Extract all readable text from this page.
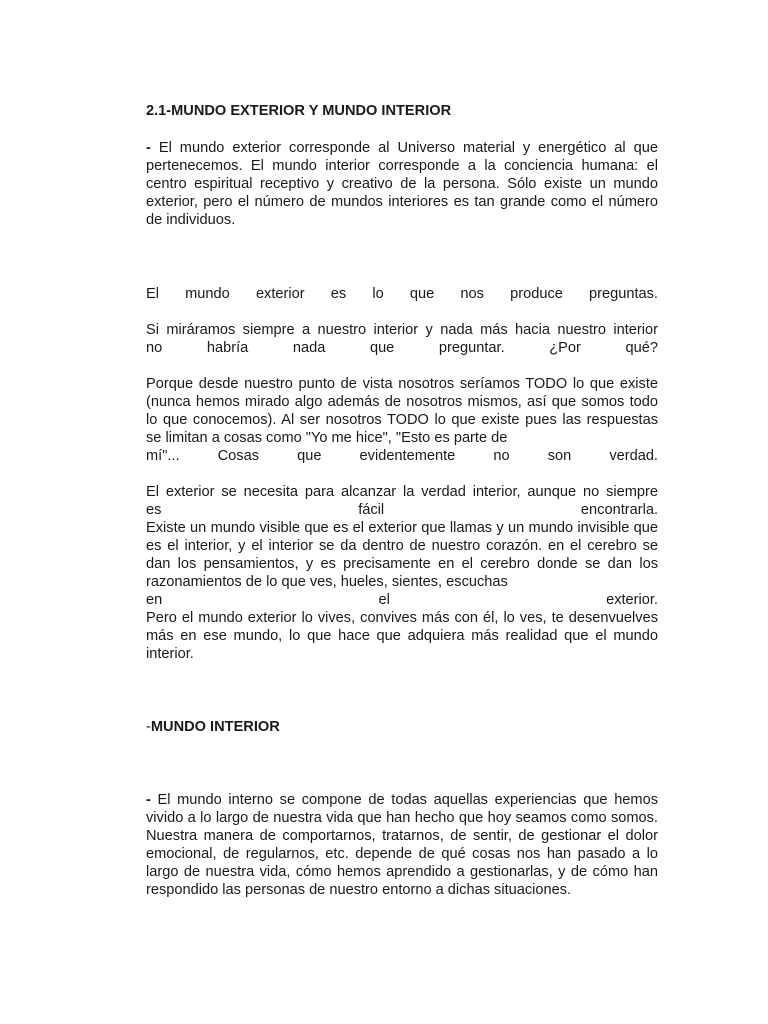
2.1-MUNDO EXTERIOR Y MUNDO INTERIOR
- El mundo exterior corresponde al Universo material y energético al que pertenecemos. El mundo interior corresponde a la conciencia humana: el centro espiritual receptivo y creativo de la persona. Sólo existe un mundo exterior, pero el número de mundos interiores es tan grande como el número de individuos.
El mundo exterior es lo que nos produce preguntas.
Si miráramos siempre a nuestro interior y nada más hacia nuestro interior
no habría nada que preguntar. ¿Por qué?
Porque desde nuestro punto de vista nosotros seríamos TODO lo que existe (nunca hemos mirado algo además de nosotros mismos, así que somos todo lo que conocemos). Al ser nosotros TODO lo que existe pues las respuestas se limitan a cosas como "Yo me hice", "Esto es parte de
mí"... Cosas que evidentemente no son verdad.
El exterior se necesita para alcanzar la verdad interior, aunque no siempre
es fácil encontrarla.
Existe un mundo visible que es el exterior que llamas y un mundo invisible que es el interior, y el interior se da dentro de nuestro corazón. en el cerebro se dan los pensamientos, y es precisamente en el cerebro donde se dan los razonamientos de lo que ves, hueles, sientes, escuchas
en el exterior.
Pero el mundo exterior lo vives, convives más con él, lo ves, te desenvuelves más en ese mundo, lo que hace que adquiera más realidad que el mundo interior.
-MUNDO INTERIOR
- El mundo interno se compone de todas aquellas experiencias que hemos vivido a lo largo de nuestra vida que han hecho que hoy seamos como somos. Nuestra manera de comportarnos, tratarnos, de sentir, de gestionar el dolor emocional, de regularnos, etc. depende de qué cosas nos han pasado a lo largo de nuestra vida, cómo hemos aprendido a gestionarlas, y de cómo han respondido las personas de nuestro entorno a dichas situaciones.
